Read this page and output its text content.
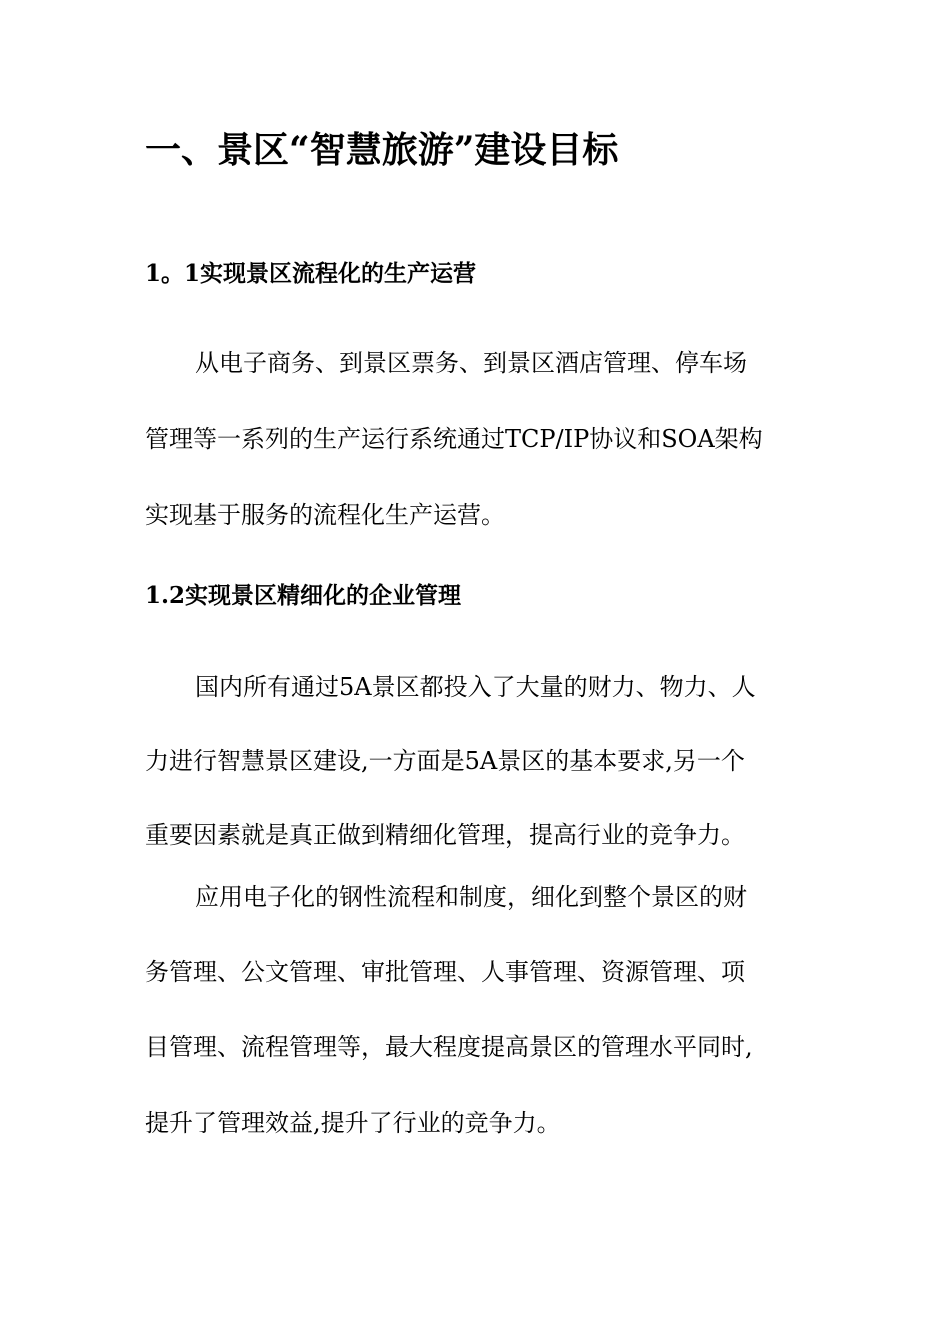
一、景区“智慧旅游”建设目标
1。1实现景区流程化的生产运营

从电子商务、到景区票务、到景区酒店管理、停车场

管理等一系列的生产运行系统通过TCP/IP协议和SOA架构

实现基于服务的流程化生产运营。

1.2实现景区精细化的企业管理

国内所有通过5A景区都投入了大量的财力、物力、人

力进行智慧景区建设,一方面是5A景区的基本要求,另一个

重要因素就是真正做到精细化管理，提高行业的竞争力。

应用电子化的钢性流程和制度，细化到整个景区的财

务管理、公文管理、审批管理、人事管理、资源管理、项

目管理、流程管理等，最大程度提高景区的管理水平同时,

提升了管理效益,提升了行业的竞争力。
